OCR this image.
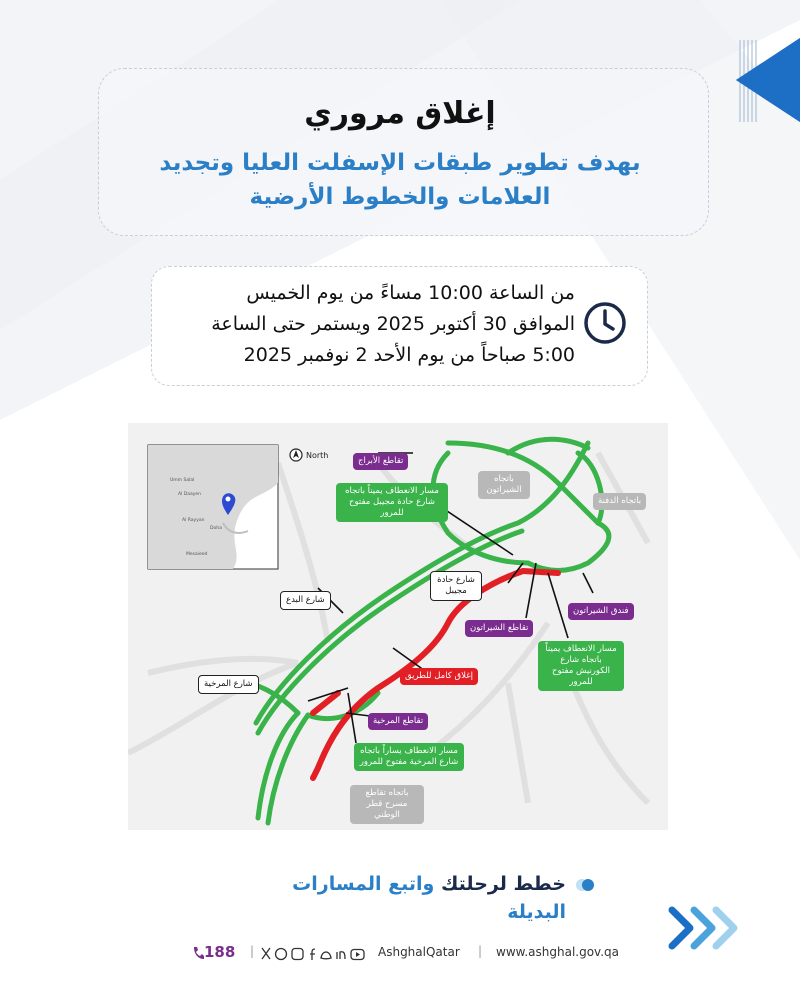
إغلاق مروري
بهدف تطوير طبقات الإسفلت العليا وتجديد
العلامات والخطوط الأرضية
من الساعة 10:00 مساءً من يوم الخميس
الموافق 30 أكتوبر 2025 ويستمر حتى الساعة
5:00 صباحاً من يوم الأحد 2 نوفمبر 2025
Umm Salal
Al Daayen
Al Rayyan
Doha
Mesaieed
North
تقاطع الأبراج
باتجاه الشيراتون
باتجاه الدفنة
مسار الانعطاف يميناً باتجاه شارع حادة مجيبل مفتوح للمرور
شارع حادة مجيبل
شارع البدع
فندق الشيراتون
تقاطع الشيراتون
مسار الانعطاف يميناً باتجاه شارع الكورنيش مفتوح للمرور
إغلاق كامل للطريق
شارع المرخية
تقاطع المرخية
مسار الانعطاف يساراً باتجاه شارع المرخية مفتوح للمرور
باتجاه تقاطع مسرح قطر الوطني
خطط لرحلتك واتبع المسارات البديلة
188 |	AshghalQatar | www.ashghal.gov.qa
